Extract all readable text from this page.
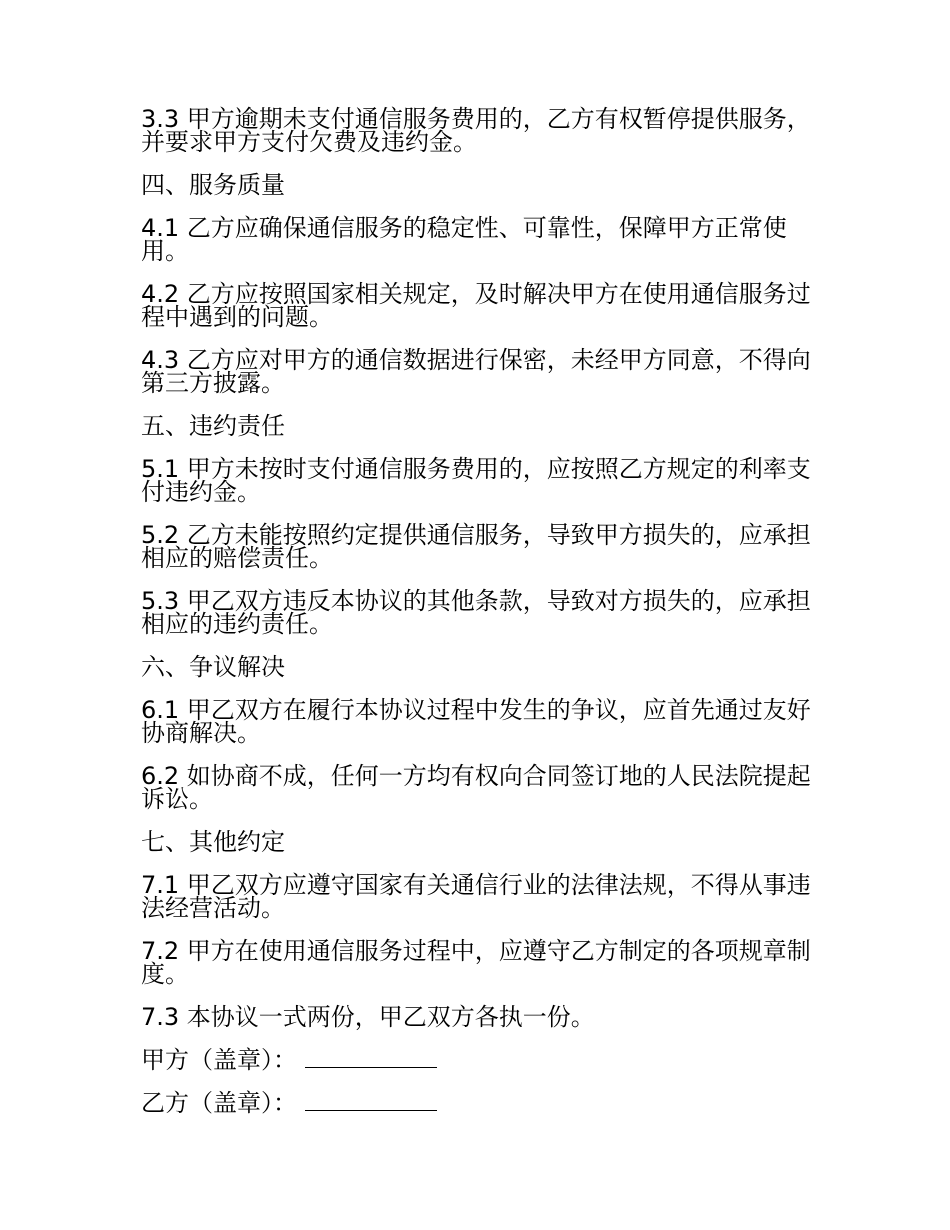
3.3 甲方逾期未支付通信服务费用的，乙方有权暂停提供服务，并要求甲方支付欠费及违约金。
四、服务质量
4.1 乙方应确保通信服务的稳定性、可靠性，保障甲方正常使用。
4.2 乙方应按照国家相关规定，及时解决甲方在使用通信服务过程中遇到的问题。
4.3 乙方应对甲方的通信数据进行保密，未经甲方同意，不得向第三方披露。
五、违约责任
5.1 甲方未按时支付通信服务费用的，应按照乙方规定的利率支付违约金。
5.2 乙方未能按照约定提供通信服务，导致甲方损失的，应承担相应的赔偿责任。
5.3 甲乙双方违反本协议的其他条款，导致对方损失的，应承担相应的违约责任。
六、争议解决
6.1 甲乙双方在履行本协议过程中发生的争议，应首先通过友好协商解决。
6.2 如协商不成，任何一方均有权向合同签订地的人民法院提起诉讼。
七、其他约定
7.1 甲乙双方应遵守国家有关通信行业的法律法规，不得从事违法经营活动。
7.2 甲方在使用通信服务过程中，应遵守乙方制定的各项规章制度。
7.3 本协议一式两份，甲乙双方各执一份。
甲方（盖章）：
乙方（盖章）：
